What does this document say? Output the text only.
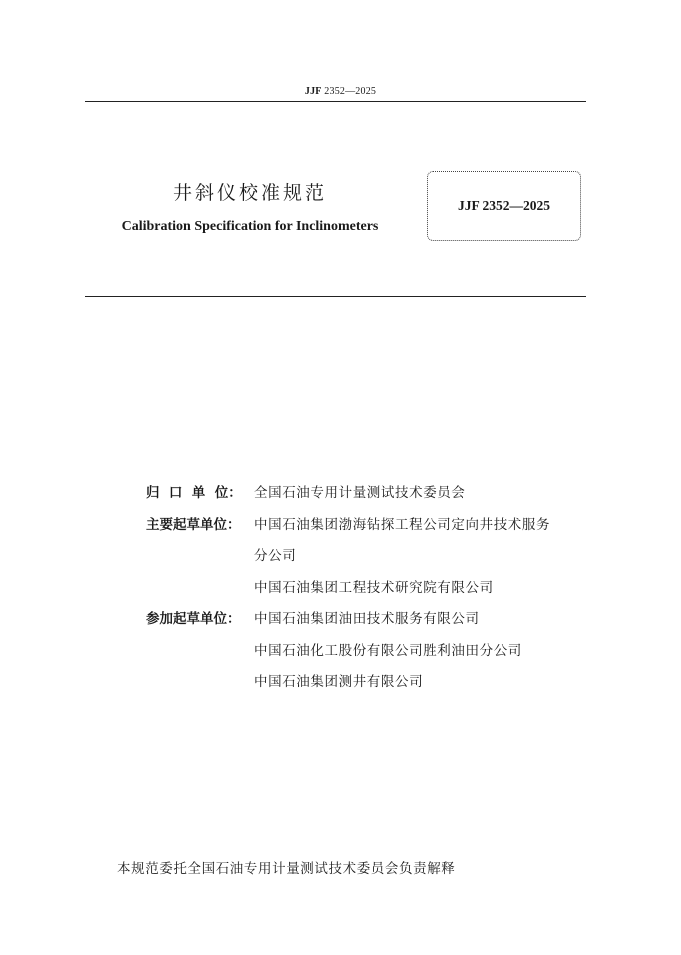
JJF 2352—2025
井斜仪校准规范
Calibration Specification for Inclinometers
JJF 2352—2025
归  口  单  位： 全国石油专用计量测试技术委员会
主要起草单位：	中国石油集团渤海钻探工程公司定向井技术服务
分公司
中国石油集团工程技术研究院有限公司
参加起草单位：	中国石油集团油田技术服务有限公司
中国石油化工股份有限公司胜利油田分公司
中国石油集团测井有限公司
本规范委托全国石油专用计量测试技术委员会负责解释
